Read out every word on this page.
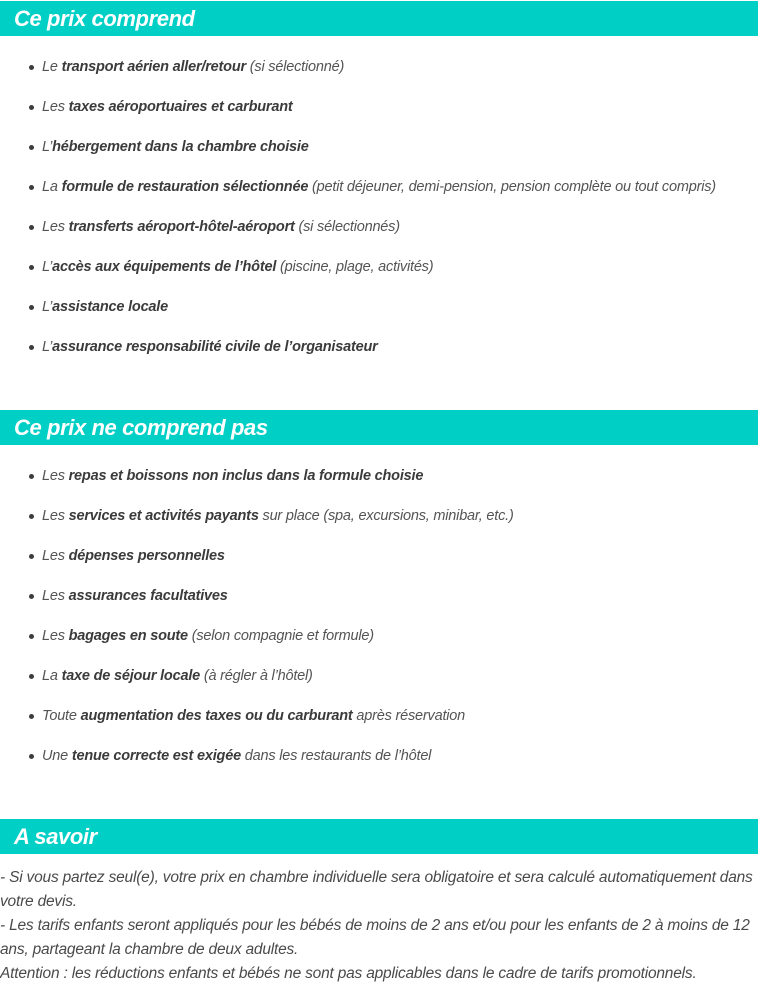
Ce prix comprend
Le transport aérien aller/retour (si sélectionné)
Les taxes aéroportuaires et carburant
L’hébergement dans la chambre choisie
La formule de restauration sélectionnée (petit déjeuner, demi-pension, pension complète ou tout compris)
Les transferts aéroport-hôtel-aéroport (si sélectionnés)
L’accès aux équipements de l’hôtel (piscine, plage, activités)
L’assistance locale
L’assurance responsabilité civile de l’organisateur
Ce prix ne comprend pas
Les repas et boissons non inclus dans la formule choisie
Les services et activités payants sur place (spa, excursions, minibar, etc.)
Les dépenses personnelles
Les assurances facultatives
Les bagages en soute (selon compagnie et formule)
La taxe de séjour locale (à régler à l’hôtel)
Toute augmentation des taxes ou du carburant après réservation
Une tenue correcte est exigée dans les restaurants de l’hôtel
A savoir

- Si vous partez seul(e), votre prix en chambre individuelle sera obligatoire et sera calculé automatiquement dans votre devis.

- Les tarifs enfants seront appliqués pour les bébés de moins de 2 ans et/ou pour les enfants de 2 à moins de 12 ans, partageant la chambre de deux adultes.

Attention : les réductions enfants et bébés ne sont pas applicables dans le cadre de tarifs promotionnels.
